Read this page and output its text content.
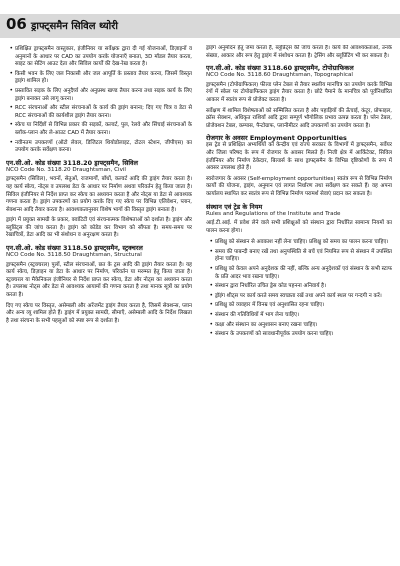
06 ड्राफ्ट्समैन सिविल थ्योरी
• प्रशिक्षित ड्राफ्ट्समैन वास्तुकार, इंजीनियर या सर्वेक्षक द्वारा दी गई योजनाओं, डिज़ाइनों व अनुमानों के आधार पर CAD का उपयोग करके योजनाएँ बनाता, 3D मॉडल तैयार करता, साइट का सेटिंग आउट देता और सिविल कार्यों की देख-रेख करता है।
• किसी भवन के लिए जल निकासी और जल आपूर्ति के प्रस्ताव तैयार करना, जिसमें विस्तृत ड्राइंग शामिल हो।
• प्रस्तावित सड़क के लिए अनुदैर्घ्य और अनुप्रस्थ खण्ड तैयार करना तथा सड़क कार्य के लिए ड्राइंग बनाकर उसे लागू करना।
• RCC संरचनाओं और स्टील संरचनाओं के कार्य की ड्राइंग बनाना; दिए गए चित्र व डेटा से RCC संरचनाओं की कार्यशील ड्राइंग तैयार करना।
• स्केच या निर्दिष्टों से विभिन्न प्रकार की सड़कों, कल्वर्ट, पुल, रेलवे और सिंचाई संरचनाओं के ब्लॉक-प्लान और ले-आउट CAD में तैयार करना।
• नवीनतम उपकरणों (ऑटो लेवल, डिजिटल थियोडोलाइट, टोटल स्टेशन, जीपीएस) का उपयोग करके सर्वेक्षण करना।
एन.सी.ओ. कोड संख्या 3118.20 ड्राफ्ट्समैन, सिविल
NCO Code No. 3118.20 Draughtsman, Civil

ड्राफ्ट्समैन (सिविल), भवनों, सेतुओं, राजमार्गों, बाँधों, कल्वर्ट आदि की ड्राइंग तैयार करता है। यह कार्य स्केच, नोट्स व उपलब्ध डेटा के आधार पर निर्माण अथवा परिवर्तन हेतु किया जाता है। सिविल इंजीनियर से निर्देश प्राप्त कर स्केच का अध्ययन करता है और नोट्स या डेटा से आवश्यक गणना करता है। ड्राइंग उपकरणों का प्रयोग करके दिए गए स्केच पर विभिन्न एलिवेशन, प्लान, सेक्शन्स आदि तैयार करता है। आवश्यकतानुसार विशेष भागों की विस्तृत ड्राइंग बनाता है।

ड्राइंग में प्रयुक्त सामग्री के प्रकार, क्वांटिटी एवं संरचनात्मक विशेषताओं को दर्शाता है। ड्राइंग और ब्लूप्रिंट्स की जांच करता है। ड्राइंग को कोडेड कर विभाग को सौंपता है। समय-समय पर रेखाचित्रों, डेटा आदि का भी संशोधन व अनुरक्षण करता है।

एन.सी.ओ. कोड संख्या 3118.50 ड्राफ्ट्समैन, स्ट्रक्चरल
NCO Code No. 3118.50 Draughtsman, Structural

ड्राफ्ट्समैन (स्ट्रक्चरल) पुलों, स्टील संरचनाओं, छत के ट्रस आदि की ड्राइंग तैयार करता है। यह कार्य स्केच, डिज़ाइन या डेटा के आधार पर निर्माण, परिवर्तन या मरम्मत हेतु किया जाता है। स्ट्रक्चरल या मैकेनिकल इंजीनियर से निर्देश प्राप्त कर स्केच, डेटा और नोट्स का अध्ययन करता है। उपलब्ध नोट्स और डेटा से आवश्यक आयामों की गणना करता है तथा मानक सूत्रों का प्रयोग करता है।

दिए गए स्केच पर विस्तृत, असेम्बली और अरेंजमेंट ड्राइंग तैयार करता है, जिसमें सेक्शन्स, प्लान और अन्य व्यू शामिल होते हैं। ड्राइंग में प्रयुक्त सामग्री, सीमाएँ, असेम्बली आदि के निर्देश लिखता है तथा संरचना के सभी पहलुओं को स्पष्ट रूप से दर्शाता है।

ड्राइंग अनुमोदन हेतु जमा करता है, ब्लूप्रिंट्स की जांच करता है। कार्य की आवश्यकताओं, उनके संख्या, आकार और रूप हेतु ड्राइंग में संशोधन करता है। ट्रेसिंग और ब्लूप्रिंटिंग भी कर सकता है।

एन.सी.ओ. कोड संख्या 3118.60 ड्राफ्ट्समैन, टोपोग्राफिकल
NCO Code No. 3118.60 Draughtsman, Topographical

ड्राफ्ट्समैन (टोपोग्राफिकल) फील्ड प्लेन टेबल से तैयार स्थलीय मानचित्र का उपयोग करके विभिन्न रंगों में स्केल पर टोपोग्राफिकल ड्राइंग तैयार करता है। छोटे पैमाने के मानचित्र को पूर्वनिर्धारित आकार में स्वतंत्र रूप से प्रोजेक्ट करता है।

सर्वेक्षण में शामिल विशेषताओं को सम्मिलित करता है और पहाड़ियों की ऊँचाई, कंटूर, प्रोफाइल, क्रॉस सेक्शन, अधिकृत राशियाँ आदि द्वारा सम्पूर्ण भौगोलिक प्रभाव उत्पन्न करता है। प्लेन टेबल, प्रोजेक्शन टेबल, कम्पास, पैन्टोग्राफ, प्लानीमीटर आदि उपकरणों का उपयोग करता है।

रोजगार के अवसर Employment Opportunities

इस ट्रेड से प्रशिक्षित अभ्यर्थियों को केन्द्रीय एवं राज्य सरकार के विभागों में ड्राफ्ट्समैन, सर्वेयर और जिला परिषद के रूप में रोजगार के अवसर मिलते हैं। निजी क्षेत्र में आर्किटेक्ट, सिविल इंजीनियर और निर्माण ठेकेदार, बिल्डर्स के साथ ड्राफ्ट्समैन के विभिन्न दृष्टिकोणों के रूप में अवसर उपलब्ध होते हैं।

स्वरोजगार के अवसर (Self-employment opportunities) स्वतंत्र रूप से विभिन्न निर्माण कार्यों की योजना, ड्राइंग, अनुमान एवं लागत निर्धारण तथा सर्वेक्षण कर सकते हैं। वह अपना कार्यालय स्थापित कर स्वतंत्र रूप से विभिन्न निर्माण परामर्श सेवाएं प्रदान कर सकता है।

संस्थान एवं ट्रेड के नियम
Rules and Regulations of the Institute and Trade

आई.टी.आई. में प्रवेश लेने वाले सभी प्रशिक्षुओं को संस्थान द्वारा निर्धारित सामान्य नियमों का पालन करना होगा।

• प्रशिक्षु को संस्थान से अवकाश नहीं लेना चाहिए। प्रशिक्षु को समय का पालन करना चाहिए।
• समय की पाबन्दी बनाए रखें तथा अनुपस्थिति से बचें एवं नियमित रूप से संस्थान में उपस्थित होना चाहिए।
• प्रशिक्षु को केवल अपने अनुदेशक की नहीं, बल्कि अन्य अनुदेशकों एवं संस्थान के सभी स्टाफ के प्रति आदर भाव रखना चाहिए।
• संस्थान द्वारा निर्धारित उचित ड्रेस कोड पहनना अनिवार्य है।
• ड्रॉइंग शीट्स पर कार्य करते समय स्वच्छता रखें तथा अपने कार्य स्थल पर गन्दगी न करें।
• प्रशिक्षु को व्यवहार में विनम्र एवं अनुशासित रहना चाहिए।
• संस्थान की गतिविधियों में भाग लेना चाहिए।
• कक्षा और संस्थान का अनुशासन बनाए रखना चाहिए।
• संस्थान के उपकरणों को सावधानीपूर्वक उपयोग करना चाहिए।
